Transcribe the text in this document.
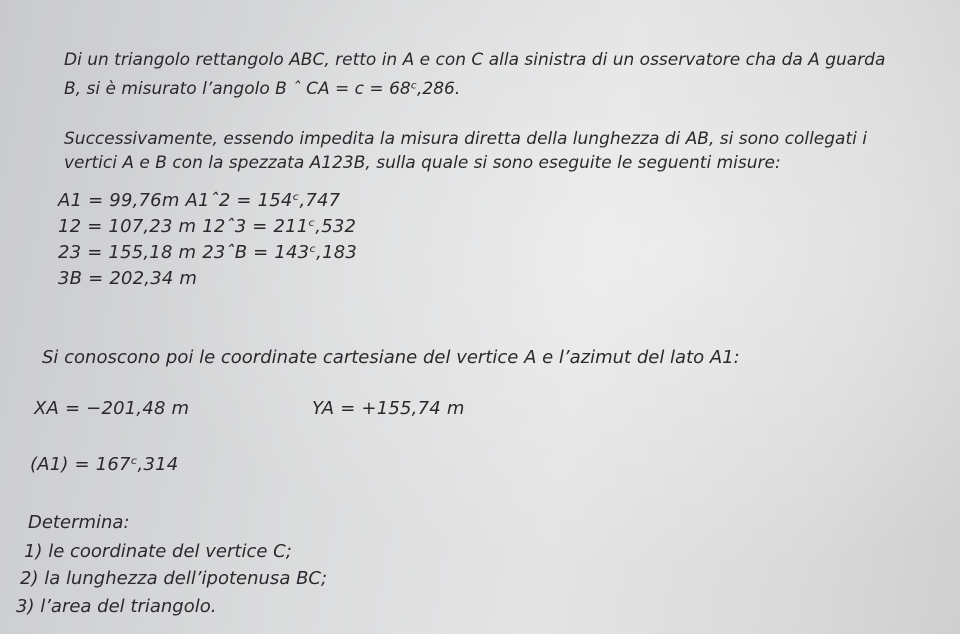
Di un triangolo rettangolo ABC, retto in A e con C alla sinistra di un osservatore cha da A guarda
B, si è misurato l’angolo B ˆ CA = c = 68ᶜ,286.
Successivamente, essendo impedita la misura diretta della lunghezza di AB, si sono collegati i
vertici A e B con la spezzata A123B, sulla quale si sono eseguite le seguenti misure:
A1 = 99,76m A1ˆ2 = 154ᶜ,747
12 = 107,23 m 12ˆ3 = 211ᶜ,532
23 = 155,18 m 23ˆB = 143ᶜ,183
3B = 202,34 m
Si conoscono poi le coordinate cartesiane del vertice A e l’azimut del lato A1:
XA = −201,48 m	YA = +155,74 m
(A1) = 167ᶜ,314
Determina:
1) le coordinate del vertice C;
2) la lunghezza dell’ipotenusa BC;
3) l’area del triangolo.
